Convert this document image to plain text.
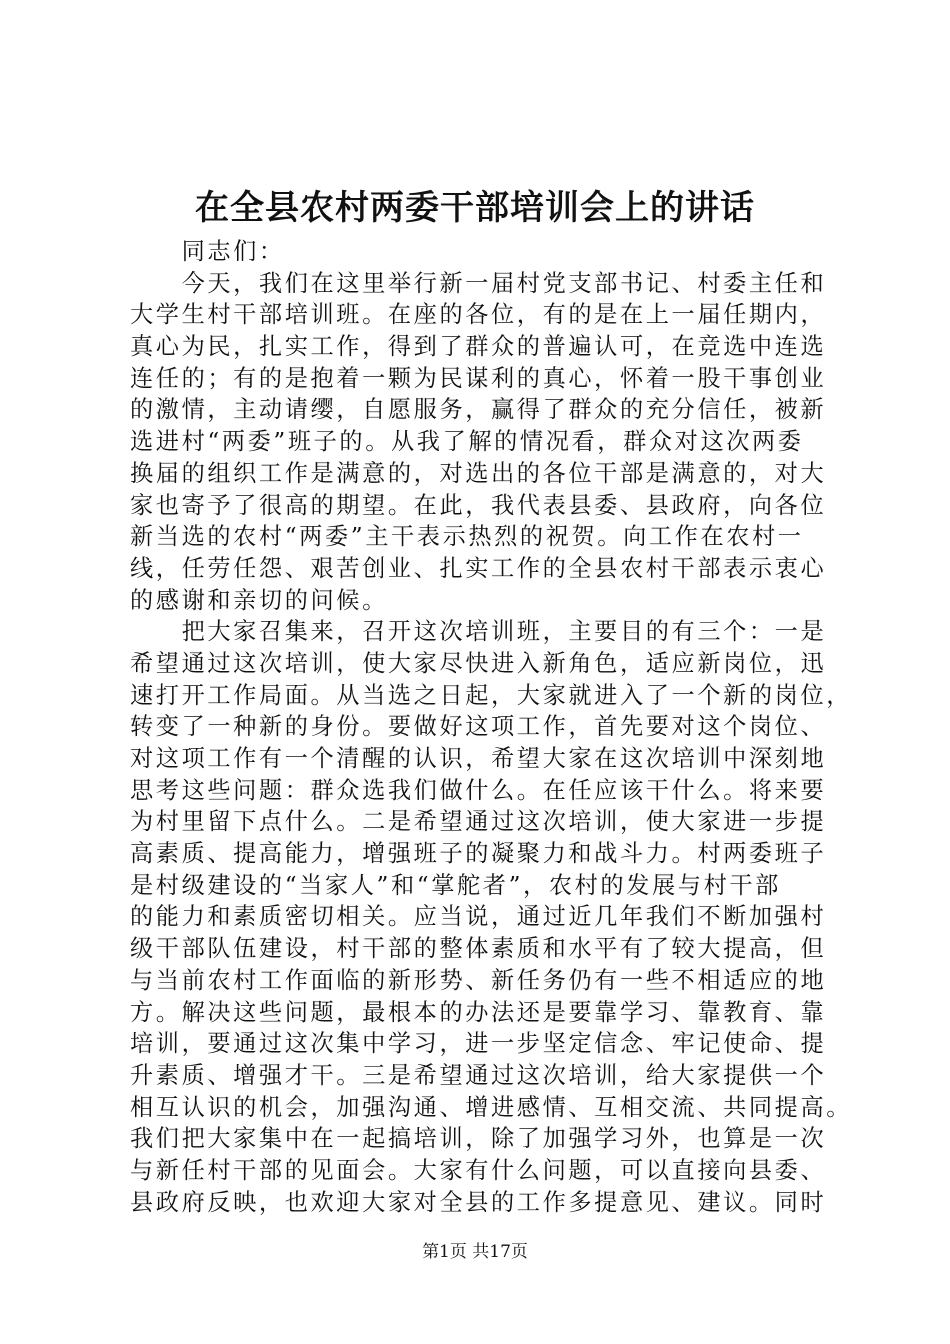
在全县农村两委干部培训会上的讲话
　　同志们：
　　今天，我们在这里举行新一届村党支部书记、村委主任和
大学生村干部培训班。在座的各位，有的是在上一届任期内，
真心为民，扎实工作，得到了群众的普遍认可，在竞选中连选
连任的；有的是抱着一颗为民谋利的真心，怀着一股干事创业
的激情，主动请缨，自愿服务，赢得了群众的充分信任，被新
选进村“两委”班子的。从我了解的情况看，群众对这次两委
换届的组织工作是满意的，对选出的各位干部是满意的，对大
家也寄予了很高的期望。在此，我代表县委、县政府，向各位
新当选的农村“两委”主干表示热烈的祝贺。向工作在农村一
线，任劳任怨、艰苦创业、扎实工作的全县农村干部表示衷心
的感谢和亲切的问候。
　　把大家召集来，召开这次培训班，主要目的有三个：一是
希望通过这次培训，使大家尽快进入新角色，适应新岗位，迅
速打开工作局面。从当选之日起，大家就进入了一个新的岗位，
转变了一种新的身份。要做好这项工作，首先要对这个岗位、
对这项工作有一个清醒的认识，希望大家在这次培训中深刻地
思考这些问题：群众选我们做什么。在任应该干什么。将来要
为村里留下点什么。二是希望通过这次培训，使大家进一步提
高素质、提高能力，增强班子的凝聚力和战斗力。村两委班子
是村级建设的“当家人”和“掌舵者”，农村的发展与村干部
的能力和素质密切相关。应当说，通过近几年我们不断加强村
级干部队伍建设，村干部的整体素质和水平有了较大提高，但
与当前农村工作面临的新形势、新任务仍有一些不相适应的地
方。解决这些问题，最根本的办法还是要靠学习、靠教育、靠
培训，要通过这次集中学习，进一步坚定信念、牢记使命、提
升素质、增强才干。三是希望通过这次培训，给大家提供一个
相互认识的机会，加强沟通、增进感情、互相交流、共同提高。
我们把大家集中在一起搞培训，除了加强学习外，也算是一次
与新任村干部的见面会。大家有什么问题，可以直接向县委、
县政府反映，也欢迎大家对全县的工作多提意见、建议。同时
第1页 共17页
